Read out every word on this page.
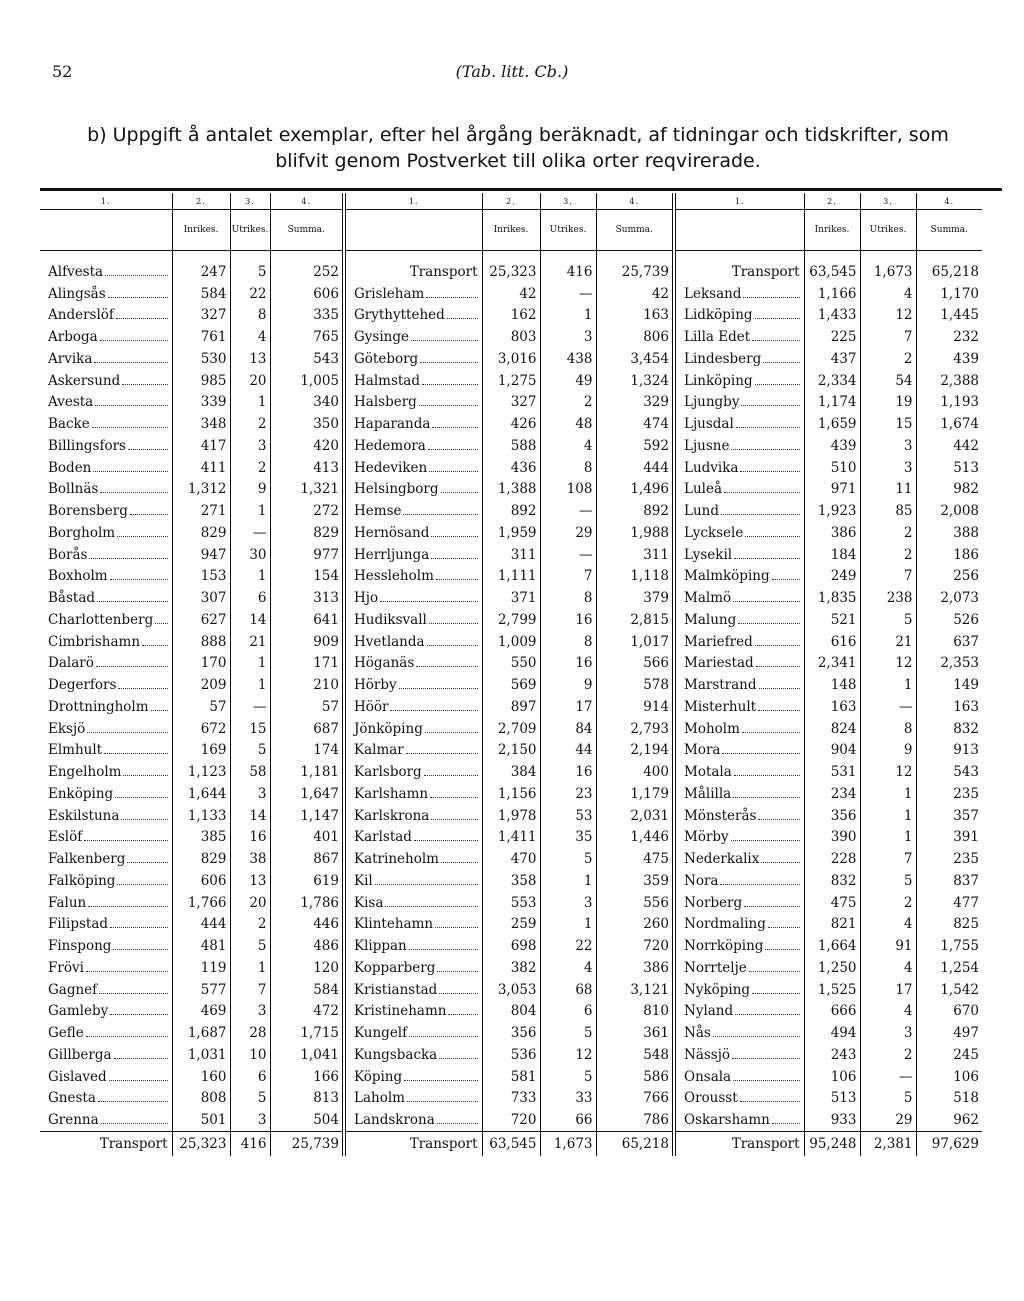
52	(Tab. litt. Cb.)
b) Uppgift å antalet exemplar, efter hel årgång beräknadt, af tidningar och tidskrifter, som
blifvit genom Postverket till olika orter reqvirerade.
1.	2.	3.	4.
	Inrikes.	Utrikes.	Summa.

Alfvesta	247	5	252

Alingsås	584	22	606

Anderslöf	327	8	335

Arboga	761	4	765

Arvika	530	13	543

Askersund	985	20	1,005

Avesta	339	1	340

Backe	348	2	350

Billingsfors	417	3	420

Boden	411	2	413

Bollnäs	1,312	9	1,321

Borensberg	271	1	272

Borgholm	829	—	829

Borås	947	30	977

Boxholm	153	1	154

Båstad	307	6	313

Charlottenberg	627	14	641

Cimbrishamn	888	21	909

Dalarö	170	1	171

Degerfors	209	1	210

Drottningholm	57	—	57

Eksjö	672	15	687

Elmhult	169	5	174

Engelholm	1,123	58	1,181

Enköping	1,644	3	1,647

Eskilstuna	1,133	14	1,147

Eslöf	385	16	401

Falkenberg	829	38	867

Falköping	606	13	619

Falun	1,766	20	1,786

Filipstad	444	2	446

Finspong	481	5	486

Frövi	119	1	120

Gagnef	577	7	584

Gamleby	469	3	472

Gefle	1,687	28	1,715

Gillberga	1,031	10	1,041

Gislaved	160	6	166

Gnesta	808	5	813

Grenna	501	3	504
Transport	25,323	416	25,739
1.	2.	3.	4.
	Inrikes.	Utrikes.	Summa.
Transport	25,323	416	25,739

Grisleham	42	—	42

Grythyttehed	162	1	163

Gysinge	803	3	806

Göteborg	3,016	438	3,454

Halmstad	1,275	49	1,324

Halsberg	327	2	329

Haparanda	426	48	474

Hedemora	588	4	592

Hedeviken	436	8	444

Helsingborg	1,388	108	1,496

Hemse	892	—	892

Hernösand	1,959	29	1,988

Herrljunga	311	—	311

Hessleholm	1,111	7	1,118

Hjo	371	8	379

Hudiksvall	2,799	16	2,815

Hvetlanda	1,009	8	1,017

Höganäs	550	16	566

Hörby	569	9	578

Höör	897	17	914

Jönköping	2,709	84	2,793

Kalmar	2,150	44	2,194

Karlsborg	384	16	400

Karlshamn	1,156	23	1,179

Karlskrona	1,978	53	2,031

Karlstad	1,411	35	1,446

Katrineholm	470	5	475

Kil	358	1	359

Kisa	553	3	556

Klintehamn	259	1	260

Klippan	698	22	720

Kopparberg	382	4	386

Kristianstad	3,053	68	3,121

Kristinehamn	804	6	810

Kungelf	356	5	361

Kungsbacka	536	12	548

Köping	581	5	586

Laholm	733	33	766

Landskrona	720	66	786
Transport	63,545	1,673	65,218
1.	2.	3.	4.
	Inrikes.	Utrikes.	Summa.
Transport	63,545	1,673	65,218

Leksand	1,166	4	1,170

Lidköping	1,433	12	1,445

Lilla Edet	225	7	232

Lindesberg	437	2	439

Linköping	2,334	54	2,388

Ljungby	1,174	19	1,193

Ljusdal	1,659	15	1,674

Ljusne	439	3	442

Ludvika	510	3	513

Luleå	971	11	982

Lund	1,923	85	2,008

Lycksele	386	2	388

Lysekil	184	2	186

Malmköping	249	7	256

Malmö	1,835	238	2,073

Malung	521	5	526

Mariefred	616	21	637

Mariestad	2,341	12	2,353

Marstrand	148	1	149

Misterhult	163	—	163

Moholm	824	8	832

Mora	904	9	913

Motala	531	12	543

Målilla	234	1	235

Mönsterås	356	1	357

Mörby	390	1	391

Nederkalix	228	7	235

Nora	832	5	837

Norberg	475	2	477

Nordmaling	821	4	825

Norrköping	1,664	91	1,755

Norrtelje	1,250	4	1,254

Nyköping	1,525	17	1,542

Nyland	666	4	670

Nås	494	3	497

Nässjö	243	2	245

Onsala	106	—	106

Orousst	513	5	518

Oskarshamn	933	29	962
Transport	95,248	2,381	97,629
